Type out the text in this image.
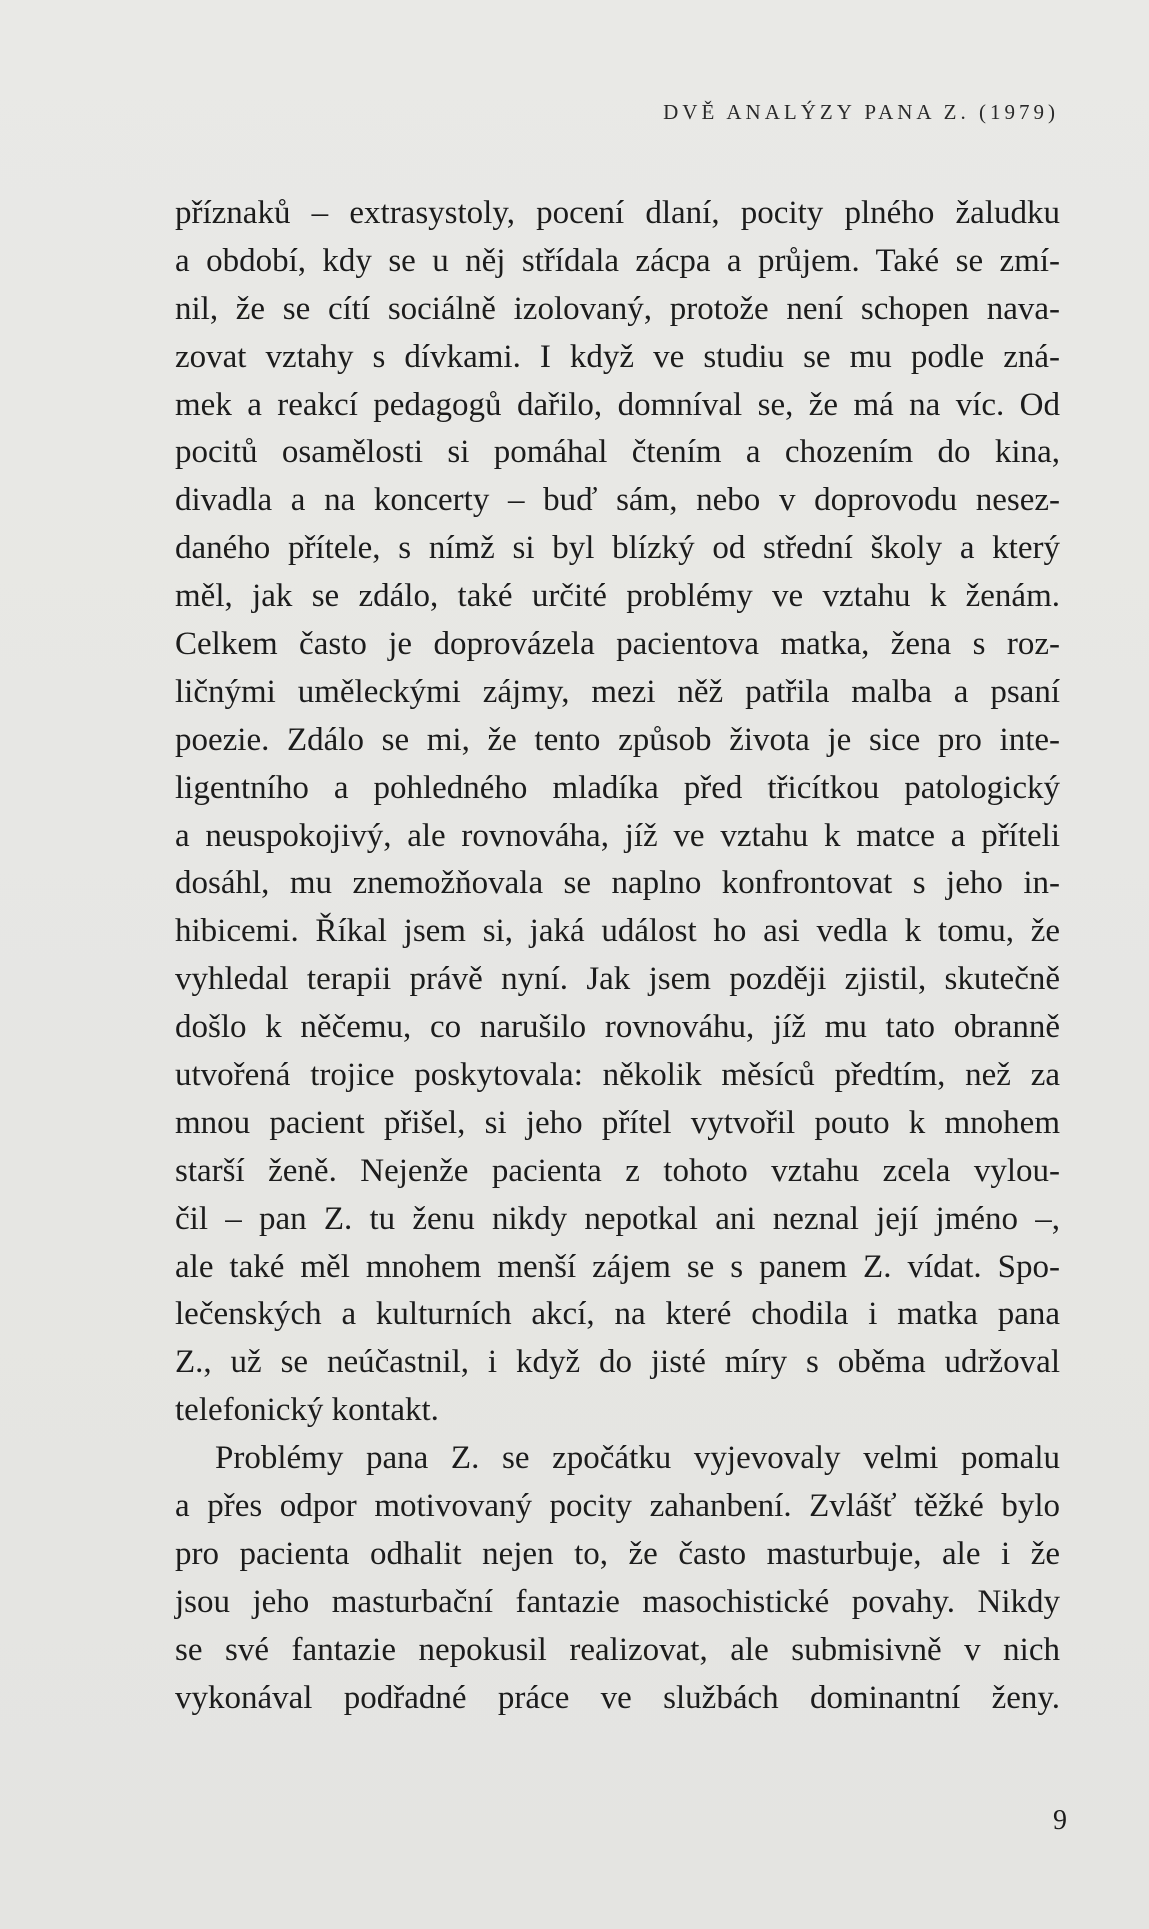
DVĚ ANALÝZY PANA Z. (1979)
příznaků – extrasystoly, pocení dlaní, pocity plného žaludku
a období, kdy se u něj střídala zácpa a průjem. Také se zmí-
nil, že se cítí sociálně izolovaný, protože není schopen nava-
zovat vztahy s dívkami. I když ve studiu se mu podle zná-
mek a reakcí pedagogů dařilo, domníval se, že má na víc. Od
pocitů osamělosti si pomáhal čtením a chozením do kina,
divadla a na koncerty – buď sám, nebo v doprovodu nesez-
daného přítele, s nímž si byl blízký od střední školy a který
měl, jak se zdálo, také určité problémy ve vztahu k ženám.
Celkem často je doprovázela pacientova matka, žena s roz-
ličnými uměleckými zájmy, mezi něž patřila malba a psaní
poezie. Zdálo se mi, že tento způsob života je sice pro inte-
ligentního a pohledného mladíka před třicítkou patologický
a neuspokojivý, ale rovnováha, jíž ve vztahu k matce a příteli
dosáhl, mu znemožňovala se naplno konfrontovat s jeho in-
hibicemi. Říkal jsem si, jaká událost ho asi vedla k tomu, že
vyhledal terapii právě nyní. Jak jsem později zjistil, skutečně
došlo k něčemu, co narušilo rovnováhu, jíž mu tato obranně
utvořená trojice poskytovala: několik měsíců předtím, než za
mnou pacient přišel, si jeho přítel vytvořil pouto k mnohem
starší ženě. Nejenže pacienta z tohoto vztahu zcela vylou-
čil – pan Z. tu ženu nikdy nepotkal ani neznal její jméno –,
ale také měl mnohem menší zájem se s panem Z. vídat. Spo-
lečenských a kulturních akcí, na které chodila i matka pana
Z., už se neúčastnil, i když do jisté míry s oběma udržoval
telefonický kontakt.
Problémy pana Z. se zpočátku vyjevovaly velmi pomalu
a přes odpor motivovaný pocity zahanbení. Zvlášť těžké bylo
pro pacienta odhalit nejen to, že často masturbuje, ale i že
jsou jeho masturbační fantazie masochistické povahy. Nikdy
se své fantazie nepokusil realizovat, ale submisivně v nich
vykonával podřadné práce ve službách dominantní ženy.
9
